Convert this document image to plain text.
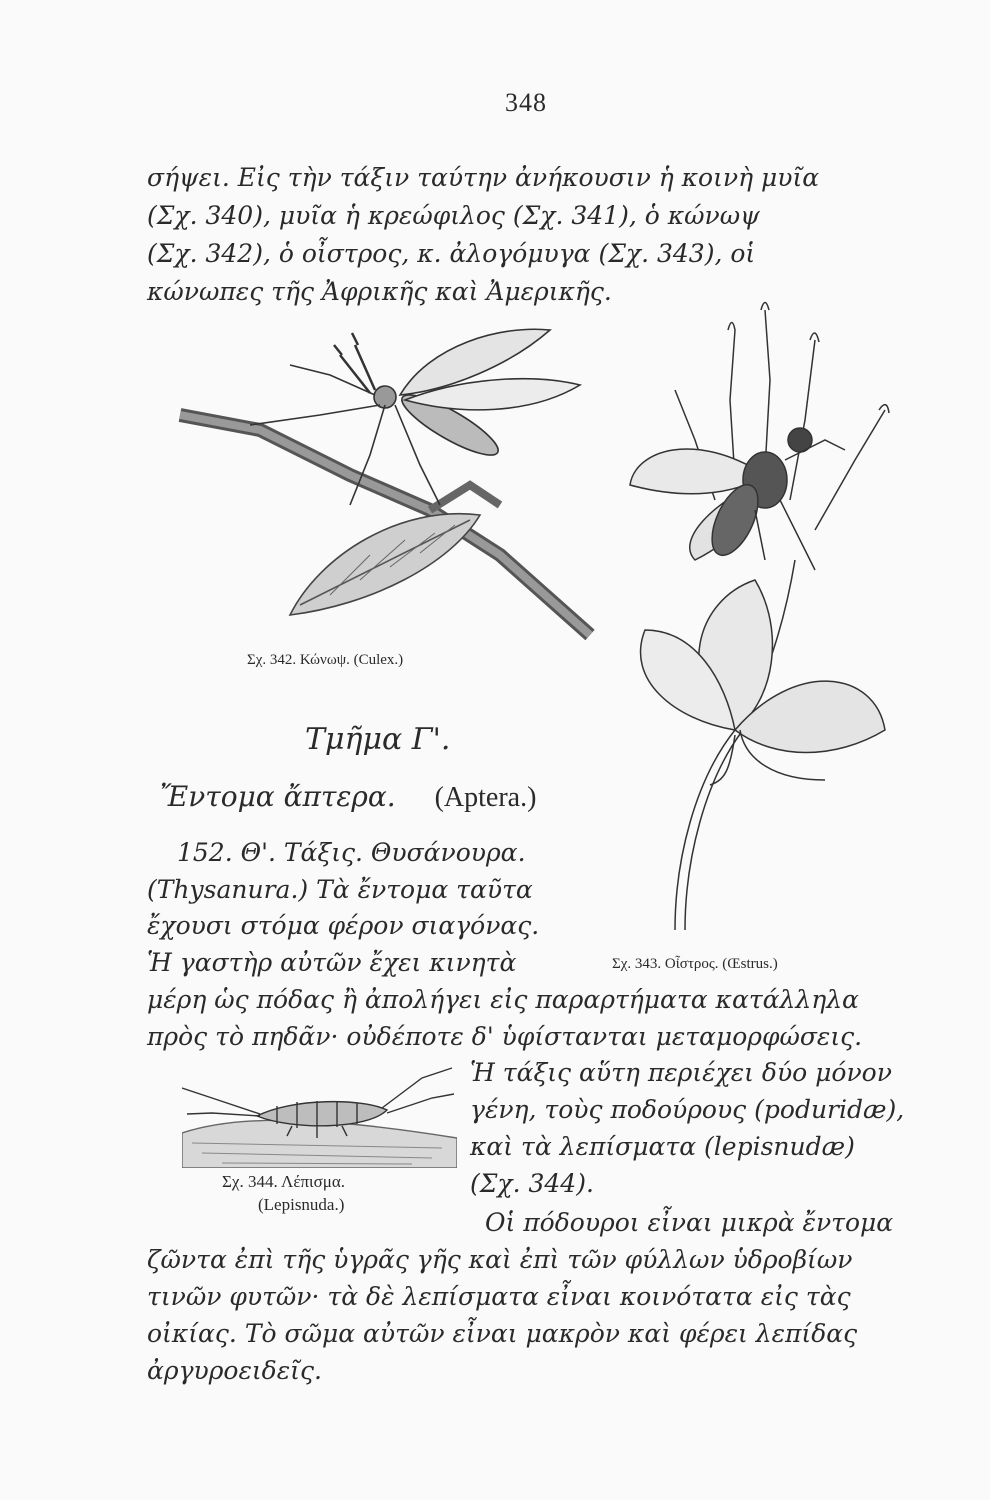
348
σήψει. Εἰς τὴν τάξιν ταύτην ἀνήκουσιν ἡ κοινὴ μυῖα
(Σχ. 340), μυῖα ἡ κρεώφιλος (Σχ. 341), ὁ κώνωψ
(Σχ. 342), ὁ οἶστρος, κ. ἀλογόμυγα (Σχ. 343), οἱ
κώνωπες τῆς Ἀφρικῆς καὶ Ἀμερικῆς.
Σχ. 342. Κώνωψ. (Culex.)
Τμῆμα Γ'.
Ἔντομα ἄπτερα. (Aptera.)
152. Θ'. Τάξις. Θυσάνουρα.
(Thysanura.) Τὰ ἔντομα ταῦτα
ἔχουσι στόμα φέρον σιαγόνας.
Ἡ γαστὴρ αὐτῶν ἔχει κινητὰ	Σχ. 343. Οἶστρος. (Œstrus.)
μέρη ὡς πόδας ἢ ἀπολήγει εἰς παραρτήματα κατάλληλα
πρὸς τὸ πηδᾶν· οὐδέποτε δ' ὑφίστανται μεταμορφώσεις.
Ἡ τάξις αὕτη περιέχει δύο μόνον
γένη, τοὺς ποδούρους (poduridæ),
καὶ τὰ λεπίσματα (lepisnudæ)
(Σχ. 344).
Σχ. 344. Λέπισμα.
(Lepisnuda.)
Οἱ πόδουροι εἶναι μικρὰ ἔντομα
ζῶντα ἐπὶ τῆς ὑγρᾶς γῆς καὶ ἐπὶ τῶν φύλλων ὑδροβίων
τινῶν φυτῶν· τὰ δὲ λεπίσματα εἶναι κοινότατα εἰς τὰς
οἰκίας. Τὸ σῶμα αὐτῶν εἶναι μακρὸν καὶ φέρει λεπίδας
ἀργυροειδεῖς.
